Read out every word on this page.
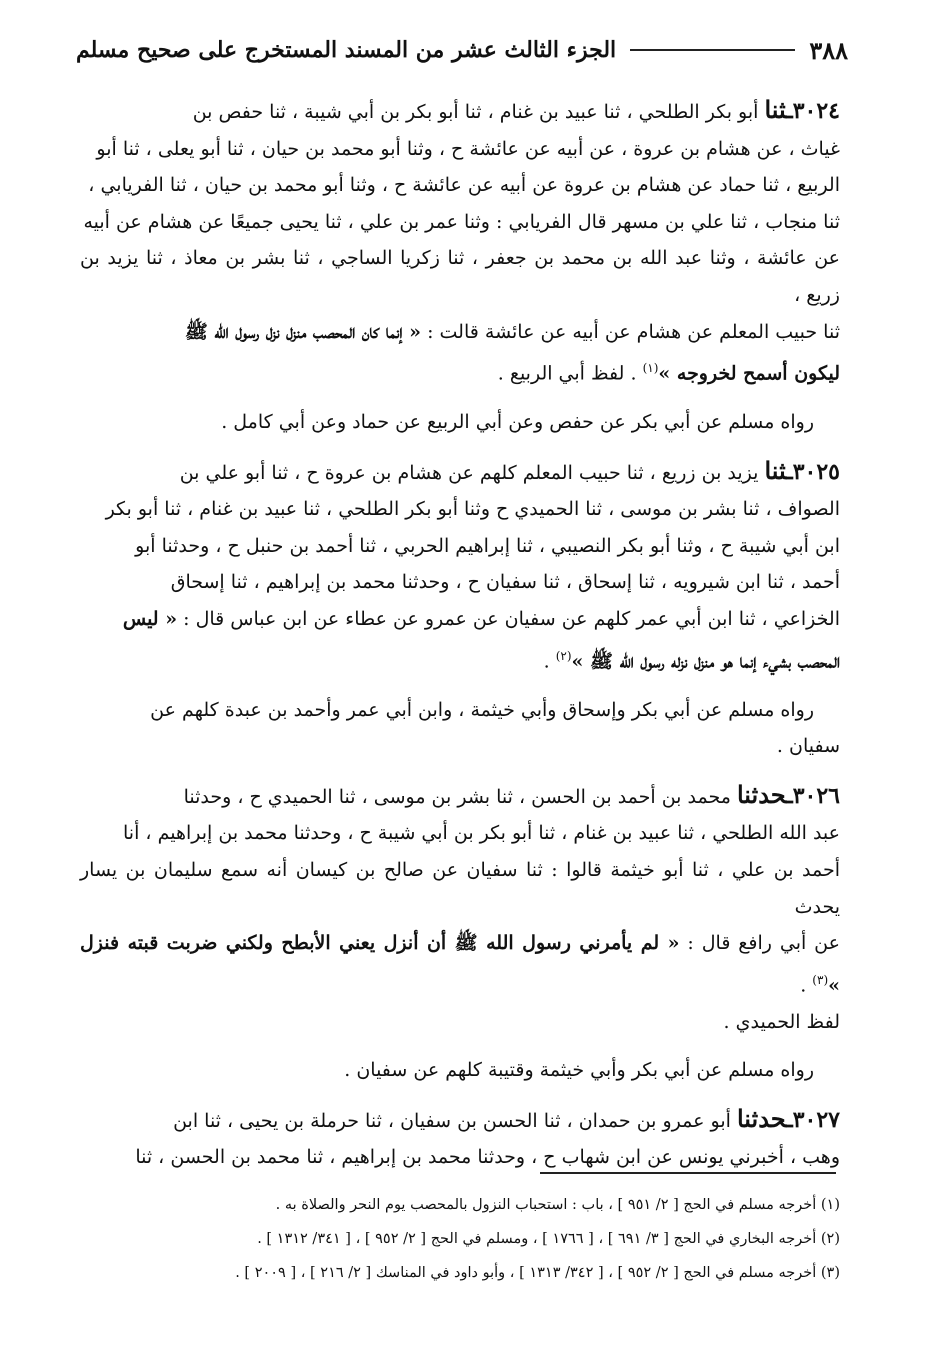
٣٨٨
الجزء الثالث عشر من المسند المستخرج على صحيح مسلم

٣٠٢٤ـثنا أبو بكر الطلحي ، ثنا عبيد بن غنام ، ثنا أبو بكر بن أبي شيبة ، ثنا حفص بن

غياث ، عن هشام بن عروة ، عن أبيه عن عائشة ح ، وثنا أبو محمد بن حيان ، ثنا أبو يعلى ، ثنا أبو

الربيع ، ثنا حماد عن هشام بن عروة عن أبيه عن عائشة ح ، وثنا أبو محمد بن حيان ، ثنا الفريابي ،

ثنا منجاب ، ثنا علي بن مسهر قال الفريابي : وثنا عمر بن علي ، ثنا يحيى جميعًا عن هشام عن أبيه

عن عائشة ، وثنا عبد الله بن محمد بن جعفر ، ثنا زكريا الساجي ، ثنا بشر بن معاذ ، ثنا يزيد بن زريع ،

ثنا حبيب المعلم عن هشام عن أبيه عن عائشة قالت : « إنما كان المحصب منزل نزل رسول الله ﷺ

ليكون أسمح لخروجه »$^{(١)}$ . لفظ أبي الربيع .

رواه مسلم عن أبي بكر عن حفص وعن أبي الربيع عن حماد وعن أبي كامل .

٣٠٢٥ـثنا يزيد بن زريع ، ثنا حبيب المعلم كلهم عن هشام بن عروة ح ، ثنا أبو علي بن

الصواف ، ثنا بشر بن موسى ، ثنا الحميدي ح وثنا أبو بكر الطلحي ، ثنا عبيد بن غنام ، ثنا أبو بكر

ابن أبي شيبة ح ، وثنا أبو بكر النصيبي ، ثنا إبراهيم الحربي ، ثنا أحمد بن حنبل ح ، وحدثنا أبو

أحمد ، ثنا ابن شيرويه ، ثنا إسحاق ، ثنا سفيان ح ، وحدثنا محمد بن إبراهيم ، ثنا إسحاق

الخزاعي ، ثنا ابن أبي عمر كلهم عن سفيان عن عمرو عن عطاء عن ابن عباس قال : « ليس

المحصب بشيء إنما هو منزل نزله رسول الله ﷺ »$^{(٢)}$ .

رواه مسلم عن أبي بكر وإسحاق وأبي خيثمة ، وابن أبي عمر وأحمد بن عبدة كلهم عن

سفيان .

٣٠٢٦ـحدثنا محمد بن أحمد بن الحسن ، ثنا بشر بن موسى ، ثنا الحميدي ح ، وحدثنا

عبد الله الطلحي ، ثنا عبيد بن غنام ، ثنا أبو بكر بن أبي شيبة ح ، وحدثنا محمد بن إبراهيم ، أنا

أحمد بن علي ، ثنا أبو خيثمة قالوا : ثنا سفيان عن صالح بن كيسان أنه سمع سليمان بن يسار يحدث

عن أبي رافع قال : « لم يأمرني رسول الله ﷺ أن أنزل يعني الأبطح ولكني ضربت قبته فنزل »$^{(٣)}$ .

لفظ الحميدي .

رواه مسلم عن أبي بكر وأبي خيثمة وقتيبة كلهم عن سفيان .

٣٠٢٧ـحدثنا أبو عمرو بن حمدان ، ثنا الحسن بن سفيان ، ثنا حرملة بن يحيى ، ثنا ابن

وهب ، أخبرني يونس عن ابن شهاب ح ، وحدثنا محمد بن إبراهيم ، ثنا محمد بن الحسن ، ثنا

(١) أخرجه مسلم في الحج [ ٢/ ٩٥١ ] ، باب : استحباب النزول بالمحصب يوم النحر والصلاة به .

(٢) أخرجه البخاري في الحج [ ٣/ ٦٩١ ] ، [ ١٧٦٦ ] ، ومسلم في الحج [ ٢/ ٩٥٢ ] ، [ ٣٤١/ ١٣١٢ ] .

(٣) أخرجه مسلم في الحج [ ٢/ ٩٥٢ ] ، [ ٣٤٢/ ١٣١٣ ] ، وأبو داود في المناسك [ ٢/ ٢١٦ ] ، [ ٢٠٠٩ ] .
